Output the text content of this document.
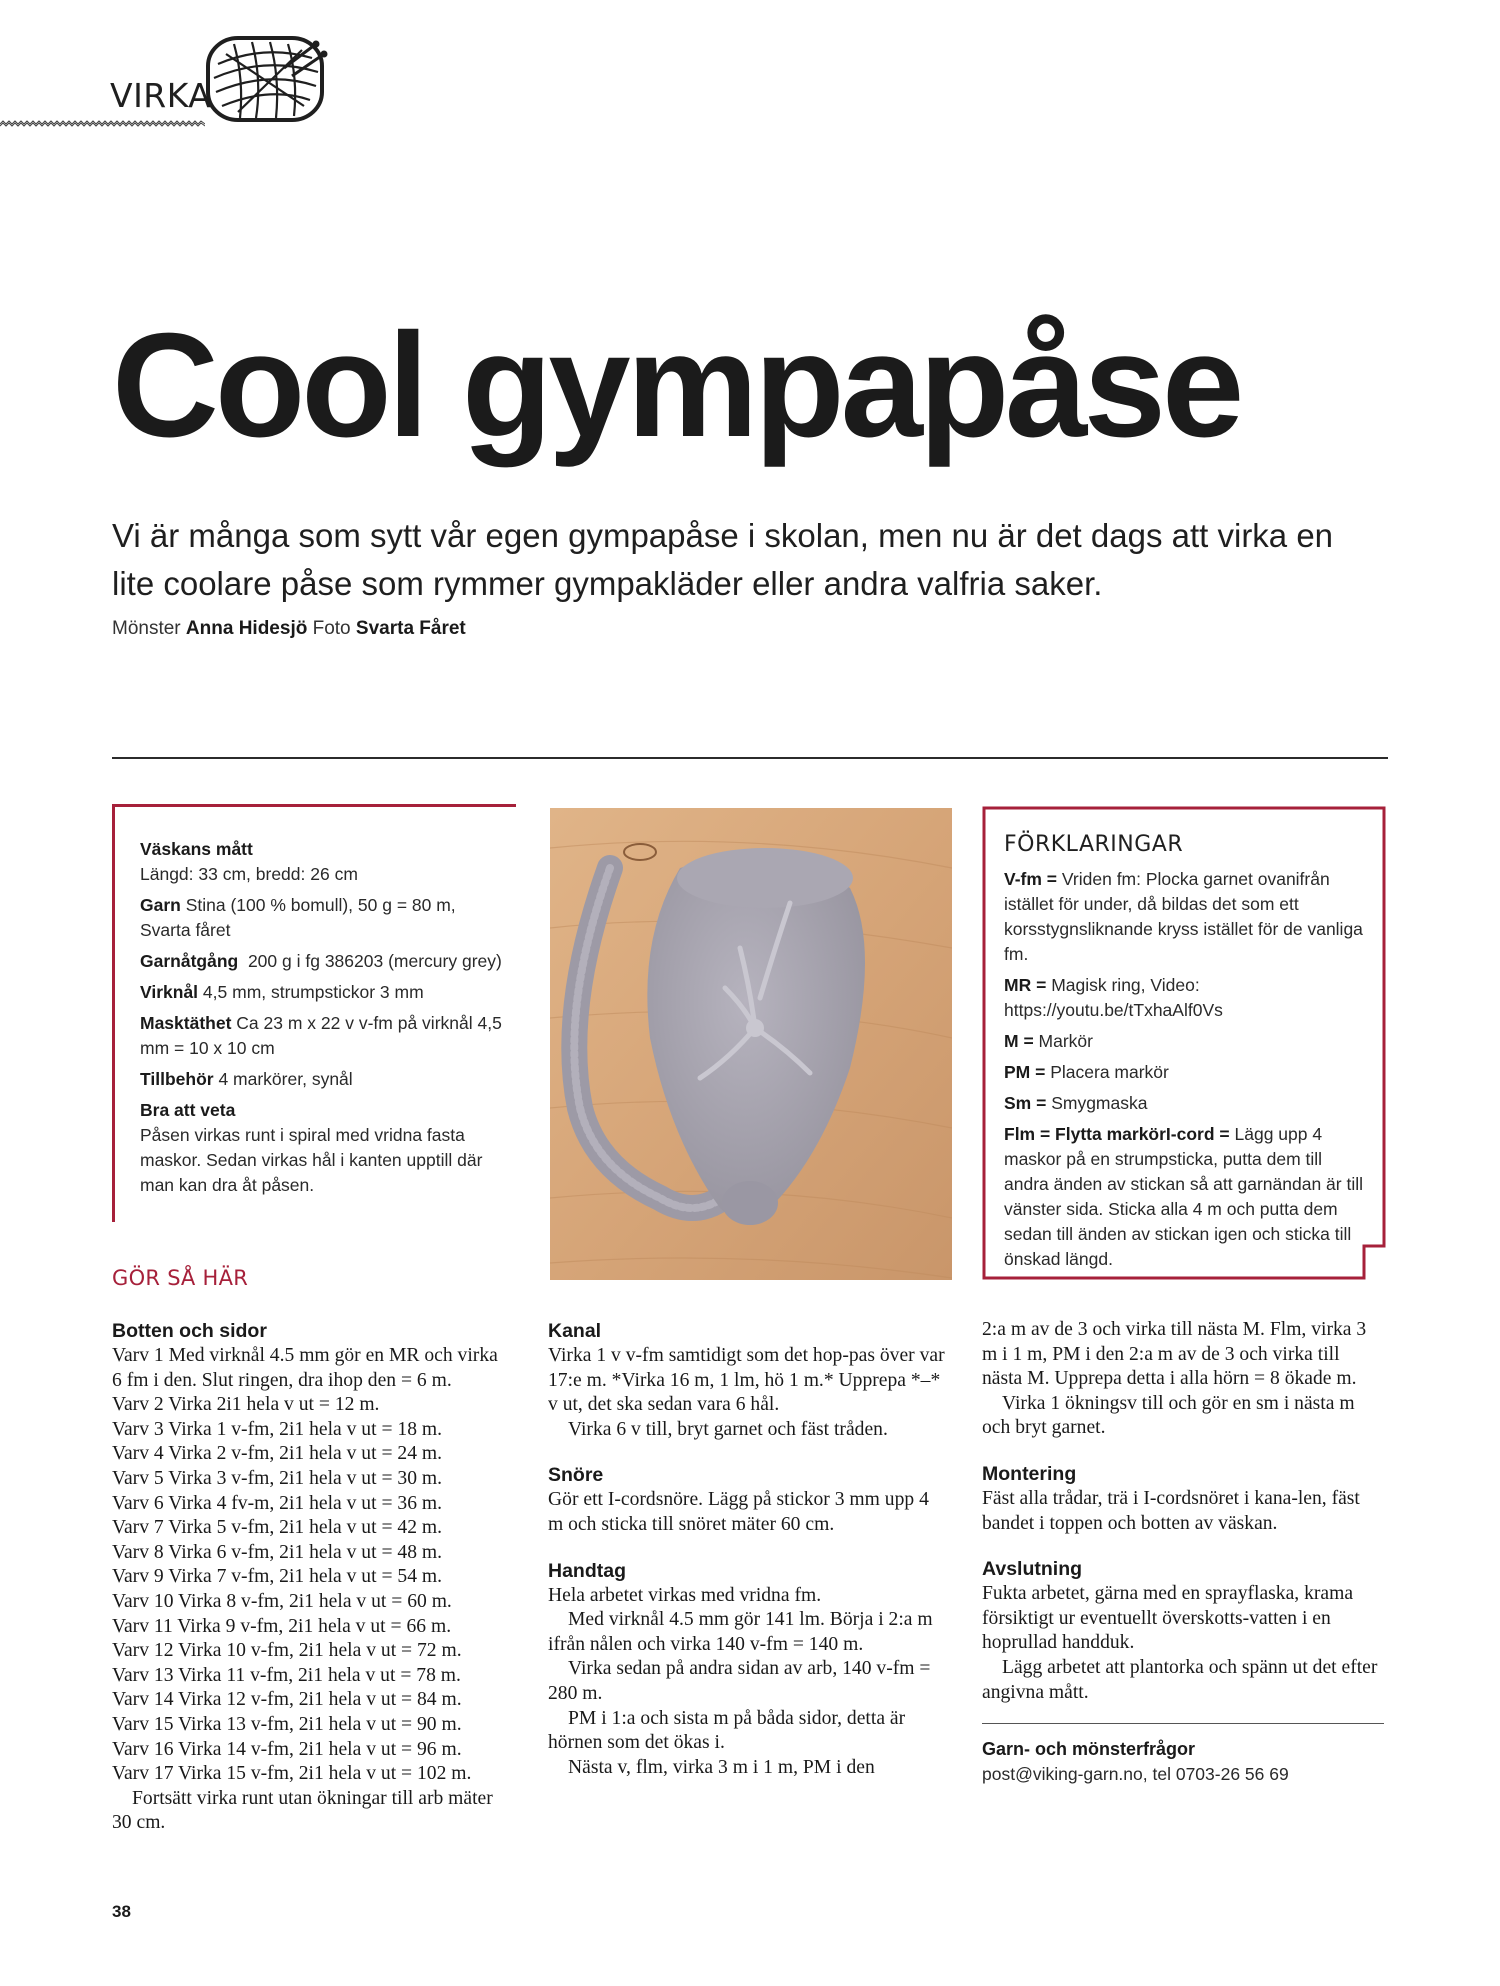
VIRKA
Cool gympapåse

Vi är många som sytt vår egen gympapåse i skolan, men nu är det dags att virka en lite coolare påse som rymmer gympakläder eller andra valfria saker.

Mönster Anna Hidesjö Foto Svarta Fåret

Väskans mått
Längd: 33 cm, bredd: 26 cm
Garn Stina (100 % bomull), 50 g = 80 m, Svarta fåret
Garnåtgång 200 g i fg 386203 (mercury grey)
Virknål 4,5 mm, strumpstickor 3 mm
Masktäthet Ca 23 m x 22 v v-fm på virknål 4,5 mm = 10 x 10 cm
Tillbehör 4 markörer, synål
Bra att veta
Påsen virkas runt i spiral med vridna fasta maskor. Sedan virkas hål i kanten upptill där man kan dra åt påsen.
FÖRKLARINGAR
V-fm = Vriden fm: Plocka garnet ovanifrån istället för under, då bildas det som ett korsstygnsliknande kryss istället för de vanliga fm.
MR = Magisk ring, Video: https://youtu.be/tTxhaAlf0Vs
M = Markör
PM = Placera markör
Sm = Smygmaska
Flm = Flytta markörI-cord = Lägg upp 4 maskor på en strumpsticka, putta dem till andra änden av stickan så att garnändan är till vänster sida. Sticka alla 4 m och putta dem sedan till änden av stickan igen och sticka till önskad längd.
GÖR SÅ HÄR
Botten och sidor

Varv 1 Med virknål 4.5 mm gör en MR och virka 6 fm i den. Slut ringen, dra ihop den = 6 m.

Varv 2 Virka 2i1 hela v ut = 12 m.

Varv 3 Virka 1 v-fm, 2i1 hela v ut = 18 m.

Varv 4 Virka 2 v-fm, 2i1 hela v ut = 24 m.

Varv 5 Virka 3 v-fm, 2i1 hela v ut = 30 m.

Varv 6 Virka 4 fv-m, 2i1 hela v ut = 36 m.

Varv 7 Virka 5 v-fm, 2i1 hela v ut = 42 m.

Varv 8 Virka 6 v-fm, 2i1 hela v ut = 48 m.

Varv 9 Virka 7 v-fm, 2i1 hela v ut = 54 m.

Varv 10 Virka 8 v-fm, 2i1 hela v ut = 60 m.

Varv 11 Virka 9 v-fm, 2i1 hela v ut = 66 m.

Varv 12 Virka 10 v-fm, 2i1 hela v ut = 72 m.

Varv 13 Virka 11 v-fm, 2i1 hela v ut = 78 m.

Varv 14 Virka 12 v-fm, 2i1 hela v ut = 84 m.

Varv 15 Virka 13 v-fm, 2i1 hela v ut = 90 m.

Varv 16 Virka 14 v-fm, 2i1 hela v ut = 96 m.

Varv 17 Virka 15 v-fm, 2i1 hela v ut = 102 m.

Fortsätt virka runt utan ökningar till arb mäter 30 cm.

Kanal

Virka 1 v v-fm samtidigt som det hop-pas över var 17:e m. *Virka 16 m, 1 lm, hö 1 m.* Upprepa *–* v ut, det ska sedan vara 6 hål.

Virka 6 v till, bryt garnet och fäst tråden.

Snöre

Gör ett I-cordsnöre. Lägg på stickor 3 mm upp 4 m och sticka till snöret mäter 60 cm.

Handtag

Hela arbetet virkas med vridna fm.

Med virknål 4.5 mm gör 141 lm. Börja i 2:a m ifrån nålen och virka 140 v-fm = 140 m.

Virka sedan på andra sidan av arb, 140 v-fm = 280 m.

PM i 1:a och sista m på båda sidor, detta är hörnen som det ökas i.

Nästa v, flm, virka 3 m i 1 m, PM i den

2:a m av de 3 och virka till nästa M. Flm, virka 3 m i 1 m, PM i den 2:a m av de 3 och virka till nästa M. Upprepa detta i alla hörn = 8 ökade m.

Virka 1 ökningsv till och gör en sm i nästa m och bryt garnet.

Montering

Fäst alla trådar, trä i I-cordsnöret i kana-len, fäst bandet i toppen och botten av väskan.

Avslutning

Fukta arbetet, gärna med en sprayflaska, krama försiktigt ur eventuellt överskotts-vatten i en hoprullad handduk.

Lägg arbetet att plantorka och spänn ut det efter angivna mått.

Garn- och mönsterfrågor
post@viking-garn.no, tel 0703-26 56 69
38
